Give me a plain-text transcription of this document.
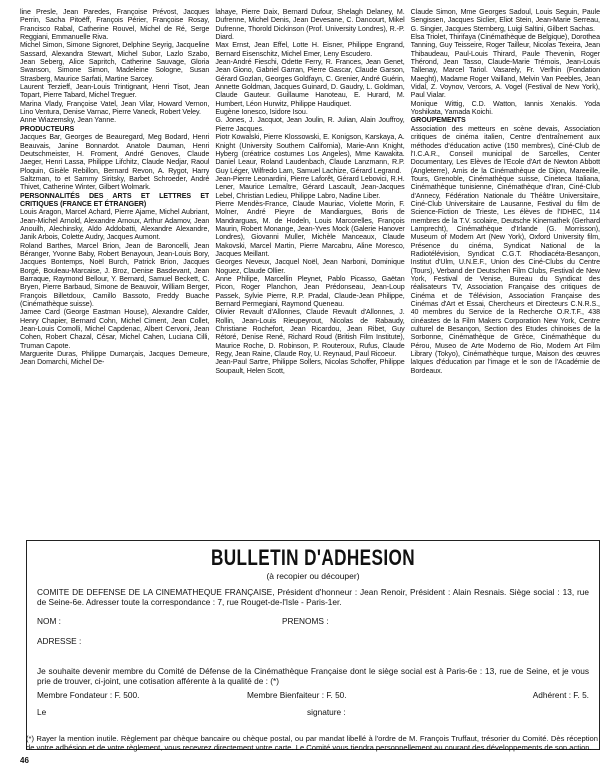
line Presle, Jean Paredes, Françoise Prévost, Jacques Perrin, Sacha Pitoëff, François Périer, Françoise Rosay, Francisco Rabal, Catherine Rouvel, Michel de Ré, Serge Reggiani, Emmanuelle Riva.

Michel Simon, Simone Signoret, Delphine Seyrig, Jacqueline Sassard, Alexandra Stewart, Michel Subor, Lazlo Szabo, Jean Seberg, Alice Sapritch, Catherine Sauvage, Gloria Swanson, Simone Simon, Madeleine Sologne, Susan Strasberg, Maurice Sarfati, Martine Sarcey.

Laurent Terzieff, Jean-Louis Trintignant, Henri Tisot, Jean Topart, Pierre Tabard, Michel Treguer.

Marina Vlady, Françoise Vatel, Jean Vilar, Howard Vernon, Lino Ventura, Denise Varnac, Pierre Vaneck, Robert Veley.

Anne Wiazemsky, Jean Yanne.

PRODUCTEURS

Jacques Bar, Georges de Beauregard, Meg Bodard, Henri Beauvais, Janine Bonnardot. Anatole Dauman, Henri Deutschmeister, H. Froment, André Genoves, Claude Jaeger, Henri Lassa, Philippe Lifchitz, Claude Nedjar, Raoul Ploquin, Gisèle Rebillon, Bernard Revon, A. Rygot, Harry Saltzman, to et Sammy Siritsky, Barbet Schroeder, André Thivet, Catherine Winter, Gilbert Wolmark.

PERSONNALITÉS DES ARTS ET LETTRES ET CRITIQUES (FRANCE ET ÉTRANGER)

Louis Aragon, Marcel Achard, Pierre Ajame, Michel Aubriant, Jean-Michel Arnold, Alexandre Arnoux, Arthur Adamov, Jean Anouilh, Alechinsky, Aldo Addobatti, Alexandre Alexandre, Janik Arbois, Colette Audry, Jacques Aumont.

Roland Barthes, Marcel Brion, Jean de Baroncelli, Jean Béranger, Yvonne Baby, Robert Benayoun, Jean-Louis Bory, Jacques Bontemps, Noël Burch, Patrick Brion, Jacques Borgé, Bouleau-Marcaise, J. Broz, Denise Basdevant, Jean Barraque, Raymond Bellour, Y. Bernard, Samuel Beckett, C. Bryen, Pierre Barbaud, Simone de Beauvoir, William Berger, François Billetdoux, Camillo Bassoto, Freddy Buache (Cinémathèque suisse).

Jamee Card (George Eastman House), Alexandre Calder, Henry Chapier, Bernard Cohn, Michel Ciment, Jean Collet, Jean-Louis Comolli, Michel Capdenac, Albert Cervoni, Jean Cohen, Robert Chazal, César, Michel Cahen, Luciana Cilli, Truman Capote.

Marguerite Duras, Philippe Dumarçais, Jacques Demeure, Jean Domarchi, Michel De-

lahaye, Pierre Daix, Bernard Dufour, Shelagh Delaney, M. Dufrenne, Michel Denis, Jean Devesane, C. Dancourt, Mikel Dufrenne, Thorold Dickinson (Prof. University Londres), R.-P. Diard.

Max Ernst, Jean Effel, Lotte H. Eisner, Philippe Engrand, Bernard Eisenschitz, Michel Emer, Leny Escudero.

Jean-André Fieschi, Odette Ferry, R. Frances, Jean Genet, Jean Giono, Gabriel Garran, Pierre Gascar, Claude Garson, Gérard Gozlan, Georges Goldfayn, C. Grenier, André Guérin, Annette Goldman, Jacques Guinard, D. Gaudry, L. Goldman, Claude Gauteur. Guillaume Hanoteau, E. Hurard, M. Humbert, Léon Hurwitz, Philippe Haudiquet.

Eugène Ionesco, Isidore Isou.

G. Jones, J. Jacquot, Jean Joulin, R. Julian, Alain Jouffroy, Pierre Jacques.

Piotr Kowalski, Pierre Klossowski, E. Konigson, Karskaya, A. Knight (University Southern California), Marie-Ann Knight, Hyberg (créatrice costumes Los Angeles), Mme Kawakita. Daniel Leaur, Roland Laudenbach, Claude Lanzmann, R.P. Guy Léger, Wilfredo Lam, Samuel Lachize, Gérard Legrand.

Jean-Pierre Leonardini, Pierre Laforêt, Gérard Lebovici, R.H. Lener, Maurice Lemaître, Gérard Lascault, Jean-Jacques Lebel, Christian Ledieu, Philippe Labro, Nadine Liber.

Pierre Mendès-France, Claude Mauriac, Violette Morin, F. Molner, André Pieyre de Mandiargues, Boris de Mandrarguas, M. de Hodeln, Louis Marcorelles, François Maurin, Robert Monange, Jean-Yves Mock (Galerie Hanover Londres), Giovanni Muller, Michèle Manceaux, Claude Makovski, Marcel Martin, Pierre Marcabru, Aline Moresco, Jacques Meillant.

Georges Neveux, Jacquel Noël, Jean Narboni, Dominique Noguez, Claude Ollier.

Anne Philipe, Marcellin Pleynet, Pablo Picasso, Gaëtan Picon, Roger Planchon, Jean Prédonseau, Jean-Loup Passek, Sylvie Pierre, R.P. Pradal, Claude-Jean Philippe, Bernard Permegiani, Raymond Queneau.

Olivier Revault d'Allonnes, Claude Revault d'Allonnes, J. Rollin, Jean-Louis Rieupeyrout, Nicolas de Rabaudy, Christiane Rochefort, Jean Ricardou, Jean Ribet, Guy Rétoré, Denise René, Richard Roud (British Film Institute), Maurice Roche, D. Robinson, P. Routeroux, Rufus, Claude Regy, Jean Raine, Claude Roy, U. Reynaud, Paul Ricoeur.

Jean-Paul Sartre, Philippe Sollers, Nicolas Schoffer, Philippe Soupault, Helen Scott,

Claude Simon, Mme Georges Sadoul, Louis Seguin, Paule Sengissen, Jacques Siclier, Eliot Stein, Jean-Marie Serreau, G. Singier, Jacques Sternberg, Luigi Saltini, Gilbert Sachas.

Elsa Triolet, Thirifaya (Cinémathèque de Belgique), Dorothea Tanning, Guy Teisseire, Roger Tailleur, Nicolas Texeira, Jean Thibaudeau, Paul-Louis Thirard, Paule Thevenin, Roger Thérond, Jean Tasso, Claude-Marie Trémois, Jean-Louis Tallenay, Marcel Tariol. Vasarely, Fr. Verlhin (Fondation Maeght), Madame Roger Vailland, Melvin Van Peebles, Jean Vidal, Z. Voynov, Vercors, A. Vogel (Festival de New York), Paul Vialar.

Monique Wittig, C.D. Watton, Iannis Xenakis. Yoda Yoshikata, Yamada Koichi.

GROUPEMENTS

Association des metteurs en scène devais, Association critiques de cinéma italien, Centre d'entraînement aux méthodes d'éducation active (150 membres), Ciné-Club de l'I.C.A.R., Conseil municipal de Sarcelles, Center Documentary, Les Elèves de l'Ecole d'Art de Newton Abbott (Angleterre), Amis de la Cinémathèque de Dijon, Mareeille, Tours, Grenoble, Cinémathèque suisse, Cineteca Italiana, Cinémathèque tunisienne, Cinémathèque d'Iran, Ciné-Club d'Annecy, Fédération Nationale du Théâtre Universitaire, Ciné-Club Universitaire de Lausanne, Festival du film de Science-Fiction de Trieste, Les élèves de l'IDHEC, 114 membres de la T.V. scolaire, Deutsche Kinemathek (Gerhard Lamprecht), Cinémathèque d'Irlande (G. Morrisson), Museum of Modern Art (New York), Oxford University film, Présence du cinéma, Syndicat National de la Radiotélévision, Syndicat C.G.T. Rhodiacéta-Besançon, Institut d'Ulm, U.N.E.F., Union des Ciné-Clubs du Centre (Tours), Verband der Deutschen Film Clubs, Festival de New York, Festival de Venise, Bureau du Syndicat des réalisateurs TV, Association Française des critiques de Cinéma et de Télévision, Association Française des Cinémas d'Art et Essai, Chercheurs et Directeurs C.N.R.S., 40 membres du Service de la Recherche O.R.T.F., 438 cinéastes de la Film Makers Corporation New York, Centre culturel de Besançon, Section des Etudes chinoises de la Sorbonne, Cinémathèque de Grèce, Cinémathèque du Pérou, Museo de Arte Moderno de Rio, Modern Art Film Library (Tokyo), Cinémathèque turque, Maison des œuvres laïques d'éducation par l'image et le son de l'Académie de Bordeaux.

BULLETIN D'ADHESION
(à recopier ou découper)
COMITE DE DEFENSE DE LA CINEMATHEQUE FRANÇAISE, Président d'honneur : Jean Renoir, Président : Alain Resnais. Siège social : 13, rue de Seine-6e. Adresser toute la correspondance : 7, rue Rouget-de-l'Isle - Paris-1er.
NOM :	PRENOMS :
ADRESSE :
Je souhaite devenir membre du Comité de Défense de la Cinémathèque Française dont le siège social est à Paris-6e : 13, rue de Seine, et je vous prie de trouver, ci-joint, une cotisation afférente à la qualité de : (*)
Membre Fondateur : F. 500.	Membre Bienfaiteur : F. 50.	Adhérent : F. 5.
Le	signature :
(*) Rayer la mention inutile. Règlement par chèque bancaire ou chèque postal, ou par mandat libellé à l'ordre de M. François Truffaut, trésorier du Comité. Dès réception de votre adhésion et de votre règlement, vous recevrez directement votre carte. Le Comité vous tiendra personnellement au courant des développements de son action.
46
